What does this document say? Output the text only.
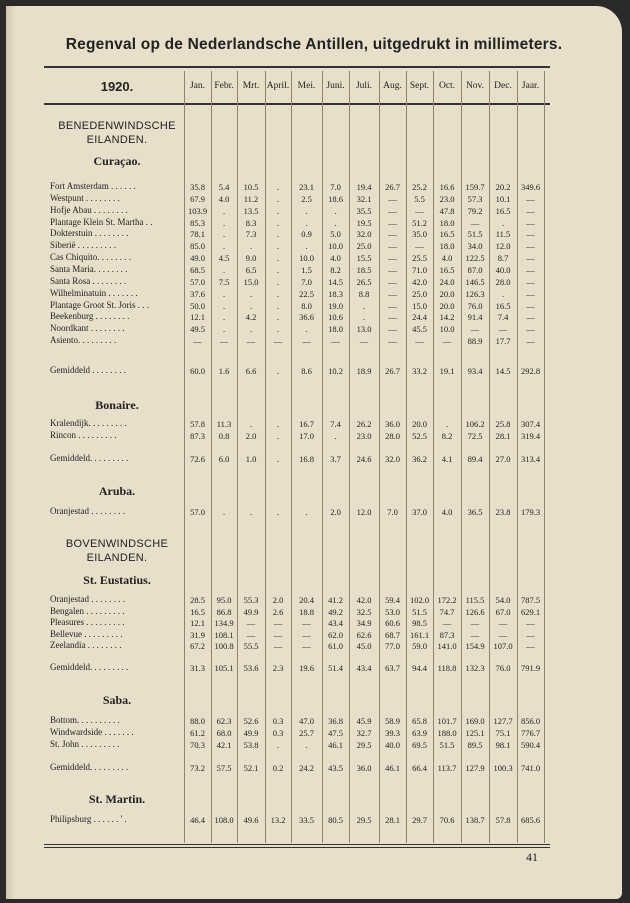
Regenval op de Nederlandsche Antillen, uitgedrukt in millimeters.
1920.	Jan. Febr. Mrt. April. Mei.	Juni.	Juli.	Aug. Sept.	Oct.	Nov.	Dec.	Jaar.
BENEDENWINDSCHE
EILANDEN.
BOVENWINDSCHE
EILANDEN.
Curaçao.
Fort Amsterdam . . . . . .	35.8	5.4	10.5	.	23.1	7.0	19.4	26.7	25.2	16.6	159.7	20.2	349.6
Westpunt . . . . . . . .	67.9	4.0	11.2	.	2.5	18.6	32.1	—	5.5	23.0	57.3	10.1	—
Hofje Abau . . . . . . . .	103.9	.	13.5	.	.	.	35.5	—	—	47.8	79.2	16.5	—
Plantage Klein St. Martha . .	85.3	.	8.3	.	.	.	19.5	—	51.2	18.0	—	.	—
Dokterstuin . . . . . . . .	78.1	.	7.3	.	0.9	5.0	32.0	—	35.0	16.5	51.5	11.5	—
Siberië . . . . . . . . .	85.0	.	.	.	.	10.0	25.0	—	—	18.0	34.0	12.0	—
Cas Chiquito. . . . . . . .	49.0	4.5	9.0	.	10.0	4.0	15.5	—	25.5	4.0	122.5	8.7	—
Santa Maria. . . . . . . .	68.5	.	6.5	.	1.5	8.2	18.5	—	71.0	16.5	87.0	40.0	—
Santa Rosa . . . . . . . .	57.0	7.5	15.0	.	7.0	14.5	26.5	—	42.0	24.0	146.5	28.0	—
Wilhelminatuin . . . . . . .	37.6	.	.	.	22.5	18.3	8.8	—	25.0	20.0	126.3	.	—
Plantage Groot St. Joris . . .	50.0	.	.	.	8.0	19.0	.	—	15.0	20.0	76.0	16.5	—
Beekenburg . . . . . . . .	12.1	.	4.2	.	36.6	10.6	.	—	24.4	14.2	91.4	7.4	—
Noordkant . . . . . . . .	49.5	.	.	.	.	18.0	13.0	—	45.5	10.0	—	—	—
Asiento. . . . . . . . .	—	—	—	—	—	—	—	—	—	—	88.9	17.7	—
Gemiddeld . . . . . . . .	60.0	1.6	6.6	.	8.6	10.2	18.9	26.7	33.2	19.1	93.4	14.5	292.8
Bonaire.
Kralendijk. . . . . . . . .	57.8	11.3	.	.	16.7	7.4	26.2	36.0	20.0	.	106.2	25.8	307.4
Rincon . . . . . . . . .	87.3	0.8	2.0	.	17.0	.	23.0	28.0	52.5	8.2	72.5	28.1	319.4
Gemiddeld. . . . . . . . .	72.6	6.0	1.0	.	16.8	3.7	24.6	32.0	36.2	4.1	89.4	27.0	313.4
Aruba.
Oranjestad . . . . . . . .	57.0	.	.	.	.	2.0	12.0	7.0	37.0	4.0	36.5	23.8	179.3
St. Eustatius.
Oranjestad . . . . . . . .	28.5	95.0	55.3	2.0	20.4	41.2	42.0	59.4	102.0 172.2	115.5	54.0	787.5
Bengalen . . . . . . . . .	16.5	86.8	49.9	2.6	18.8	49.2	32.5	53.0	51.5	74.7	126.6	67.0	629.1
Pleasures . . . . . . . . .	12.1	134.9	—	—	—	43.4	34.9	60.6	98.5	—	—	—	—
Bellevue . . . . . . . . .	31.9	108.1	—	—	—	62.0	62.6	68.7	161.1	87.3	—	—	—
Zeelandia . . . . . . . .	67.2	100.8	55.5	—	—	61.0	45.0	77.0	59.0	141.0	154.9	107.0	—
Gemiddeld. . . . . . . . .	31.3	105.1	53.6	2.3	19.6	51.4	43.4	63.7	94.4	118.8	132.3	76.0	791.9
Saba.
Bottom. . . . . . . . . .	88.0	62.3	52.6	0.3	47.0	36.8	45.9	58.9	65.8	101.7	169.0	127.7 856.0
Windwardside . . . . . . .	61.2	68.0	49.9	0.3	25.7	47.5	32.7	39.3	63.9	188.0	125.1	75.1	776.7
St. John . . . . . . . . .	70.3	42.1	53.8	.	.	46.1	29.5	40.0	69.5	51.5	89.5	98.1	590.4
Gemiddeld. . . . . . . . .	73.2	57.5	52.1	0.2	24.2	43.5	36.0	46.1	66.4	113.7	127.9	100.3 741.0
St. Martin.
Philipsburg . . . . . . ' .	46.4	108.0	49.6	13.2	33.5	80.5	29.5	28.1	29.7	70.6	138.7	57.8	685.6
41
